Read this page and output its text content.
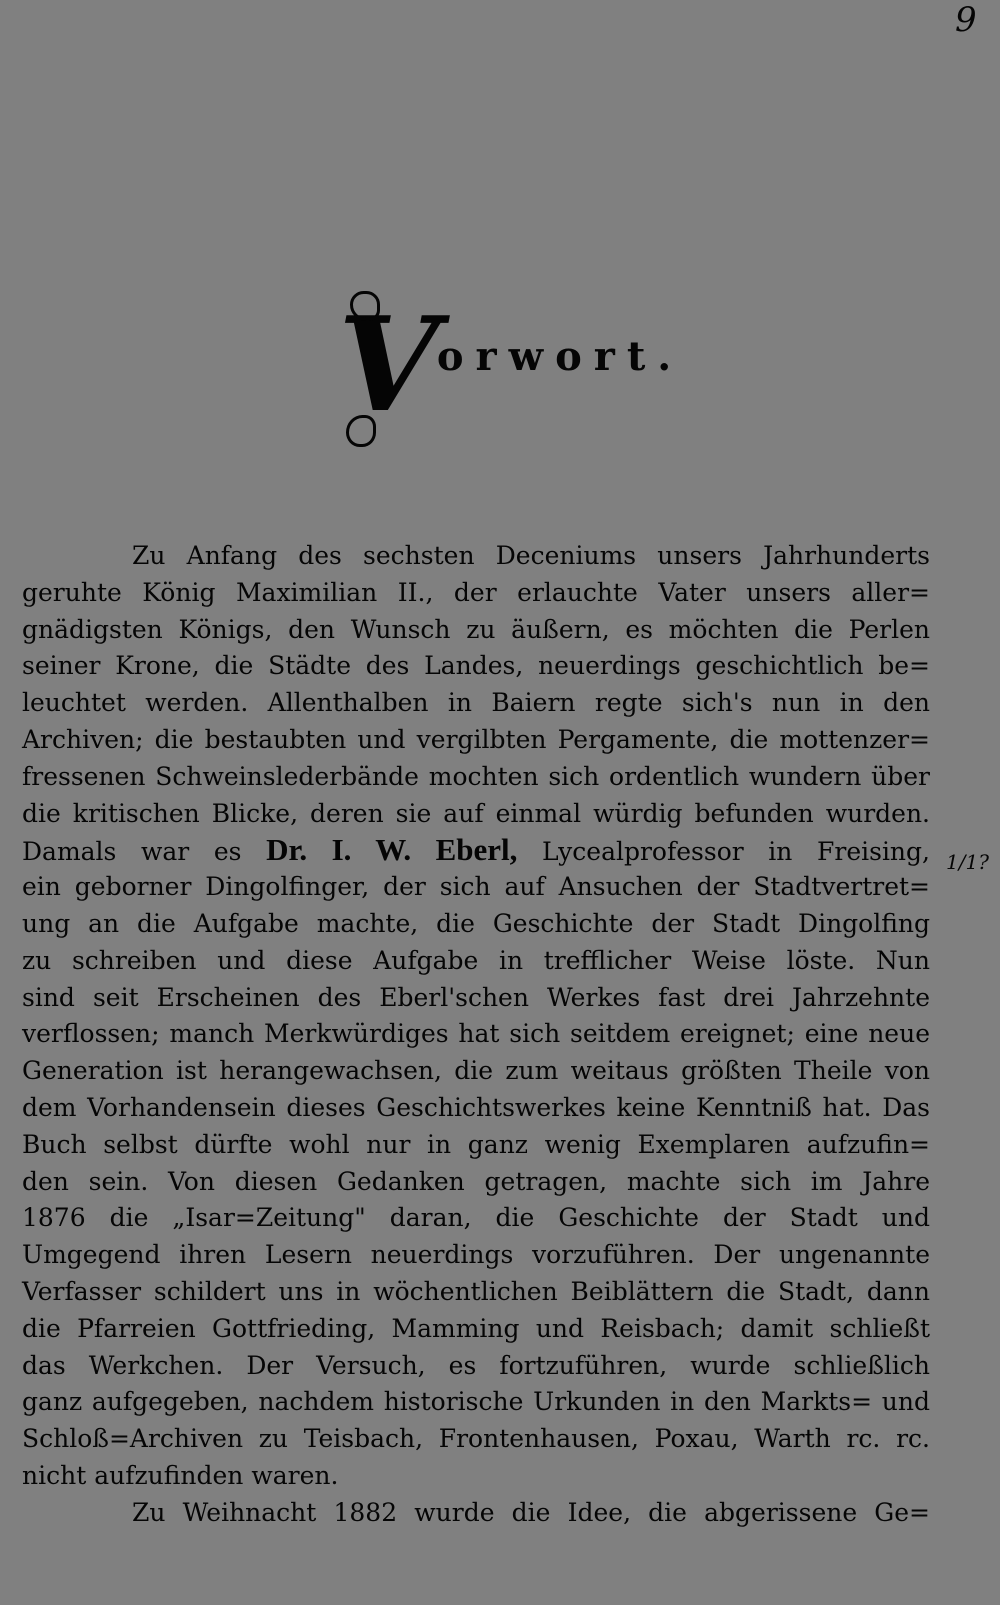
9
1/1?
V
orwort.
Zu Anfang des sechsten Deceniums unsers Jahrhunderts
geruhte König Maximilian II., der erlauchte Vater unsers aller=
gnädigsten Königs, den Wunsch zu äußern, es möchten die Perlen
seiner Krone, die Städte des Landes, neuerdings geschichtlich be=
leuchtet werden. Allenthalben in Baiern regte sich's nun in den
Archiven; die bestaubten und vergilbten Pergamente, die mottenzer=
fressenen Schweinslederbände mochten sich ordentlich wundern über
die kritischen Blicke, deren sie auf einmal würdig befunden wurden.
Damals war es Dr. I. W. Eberl, Lycealprofessor in Freising,
ein geborner Dingolfinger, der sich auf Ansuchen der Stadtvertret=
ung an die Aufgabe machte, die Geschichte der Stadt Dingolfing
zu schreiben und diese Aufgabe in trefflicher Weise löste. Nun
sind seit Erscheinen des Eberl'schen Werkes fast drei Jahrzehnte
verflossen; manch Merkwürdiges hat sich seitdem ereignet; eine neue
Generation ist herangewachsen, die zum weitaus größten Theile von
dem Vorhandensein dieses Geschichtswerkes keine Kenntniß hat. Das
Buch selbst dürfte wohl nur in ganz wenig Exemplaren aufzufin=
den sein. Von diesen Gedanken getragen, machte sich im Jahre
1876 die „Isar=Zeitung" daran, die Geschichte der Stadt und
Umgegend ihren Lesern neuerdings vorzuführen. Der ungenannte
Verfasser schildert uns in wöchentlichen Beiblättern die Stadt, dann
die Pfarreien Gottfrieding, Mamming und Reisbach; damit schließt
das Werkchen. Der Versuch, es fortzuführen, wurde schließlich
ganz aufgegeben, nachdem historische Urkunden in den Markts= und
Schloß=Archiven zu Teisbach, Frontenhausen, Poxau, Warth rc. rc.
nicht aufzufinden waren.
Zu Weihnacht 1882 wurde die Idee, die abgerissene Ge=
